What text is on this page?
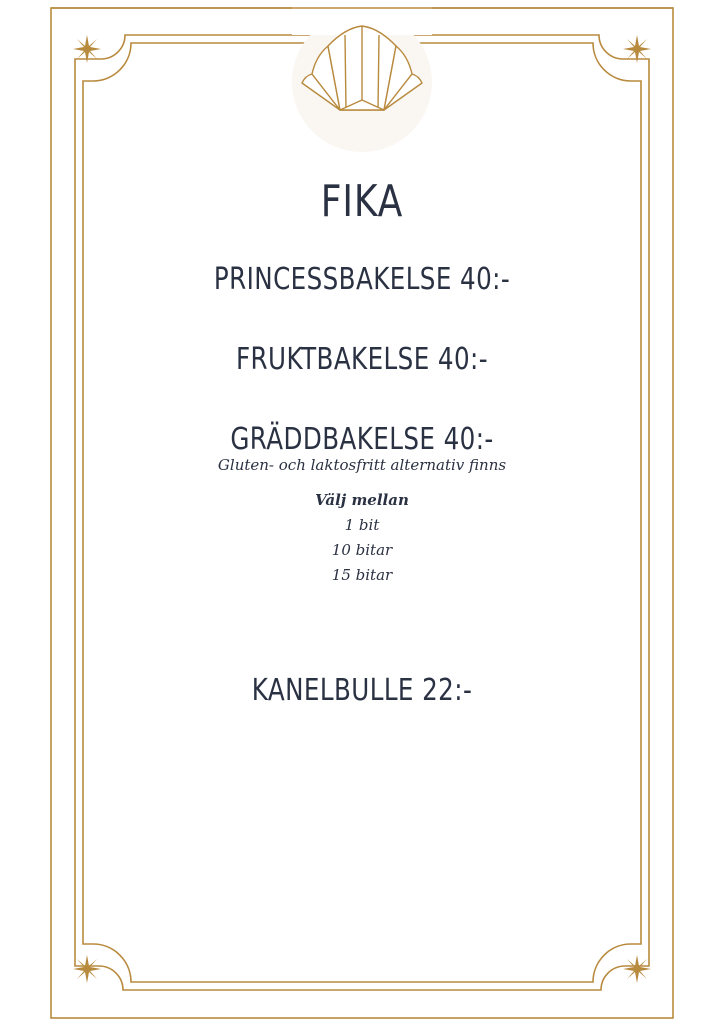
FIKA
PRINCESSBAKELSE 40:-
FRUKTBAKELSE 40:-
GRÄDDBAKELSE 40:-
Gluten- och laktosfritt alternativ finns
Välj mellan
1 bit
10 bitar
15 bitar
KANELBULLE 22:-
